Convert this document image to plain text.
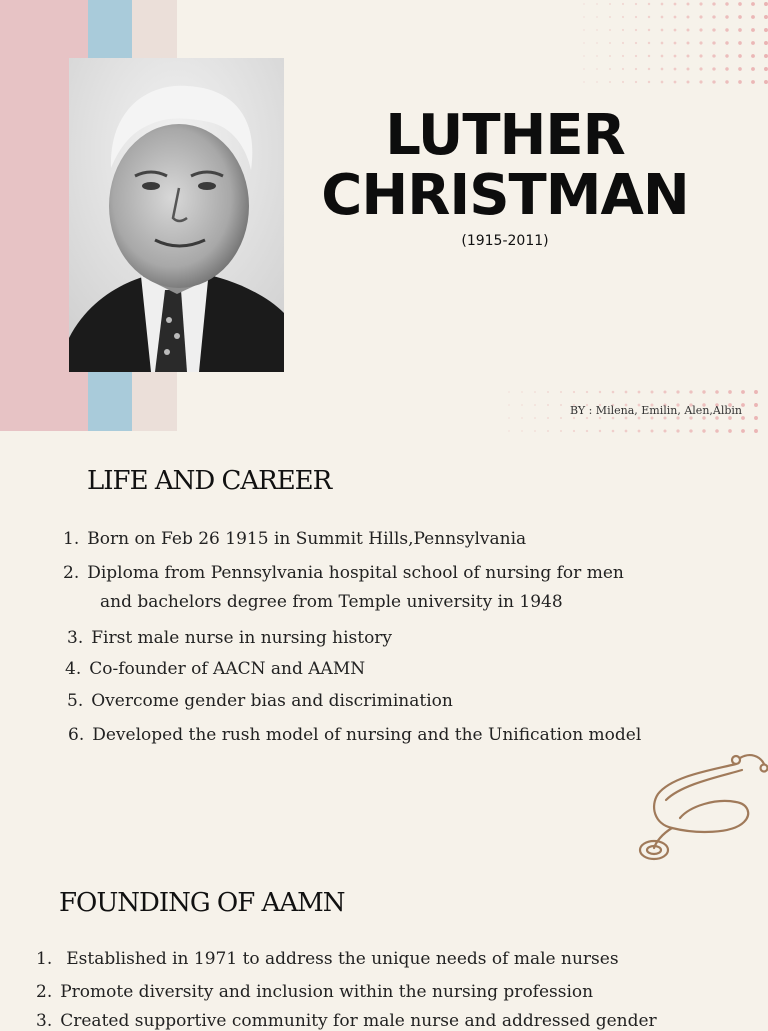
LUTHER
CHRISTMAN
(1915-2011)
BY : Milena, Emilin, Alen,Albin
LIFE AND CAREER
1. Born on Feb 26 1915 in Summit Hills,Pennsylvania
2. Diploma from Pennsylvania hospital school of nursing for men
and bachelors degree from Temple university in 1948
3. First male nurse in nursing history
4. Co-founder of AACN and AAMN
5. Overcome gender bias and discrimination
6. Developed the rush model of nursing and the Unification model
FOUNDING OF AAMN
1. Established in 1971 to address the unique needs of male nurses
2. Promote diversity and inclusion within the nursing profession
3. Created supportive community for male nurse and addressed gender
